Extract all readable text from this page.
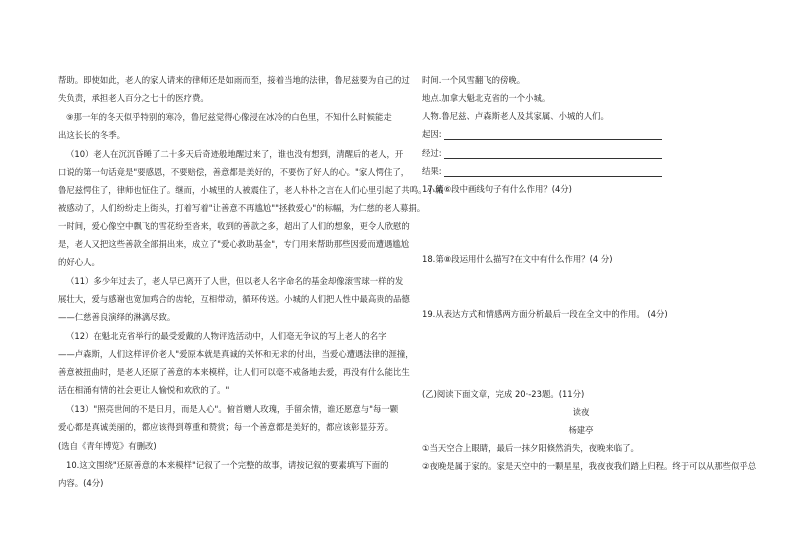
帮助。即使如此，老人的家人请来的律师还是如雨而至，接着当地的法律，鲁尼兹要为自己的过
失负责，承担老人百分之七十的医疗费。
⑨那一年的冬天似乎特别的寒冷，鲁尼兹觉得心像浸在冰冷的白色里，不知什么时候能走
出这长长的冬季。
（10）老人在沉沉昏睡了二十多天后奇迹般地醒过来了，谁也没有想到，清醒后的老人，开
口说的第一句话竟是"要感恩，不要赔偿，善意都是美好的，不要伤了好人的心。"家人愕住了，
鲁尼兹愕住了，律师也怔住了。继而，小城里的人被震住了，老人朴朴之言在人们心里引起了共鸣。小城
被感动了，人们纷纷走上街头，打着写着"让善意不再尴尬""拯救爱心"的标幅，为仁慈的老人募捐。
一时间，爱心像空中飘飞的雪花纷至沓来，收到的善款之多，超出了人们的想象，更令人欣慰的
是，老人又把这些善款全部捐出来，成立了"爱心救助基金"，专门用来帮助那些因爱而遭遇尴尬
的好心人。
（11）多少年过去了，老人早已离开了人世，但以老人名字命名的基金却像滚雪球一样的发
展壮大，爱与感谢也宽加鸡合的齿轮，互相带动，循环传送。小城的人们把人性中最高贵的品德
——仁慈善良演绎的淋漓尽致。
（12）在魁北克省举行的最受爱戴的人物评选活动中，人们毫无争议的写上老人的名字
——卢森斯，人们这样评价老人"爱原本就是真诚的关怀和无求的付出，当爱心遭遇法律的涯撞，
善意被扭曲时，是老人还原了善意的本来模样，让人们可以毫不戒备地去爱，再没有什么能比生
活在相涌有情的社会更让人愉悦和欢欣的了。"
（13）"照亮世间的不是日月，而是人心"。俯首赠人玫瑰，手留余情，谁还愿意与"每一颗
爱心都是真诚美丽的，都应该得到尊重和赞赏；每一个善意都是美好的，都应该彰显芬芳。
(选自《青年博览》有删改)
10.这文围绕"还原善意的本来模样"记叙了一个完整的故事，请按记叙的要素填写下面的
内容。(4分)
时间.一个风雪翻飞的傍晚。
地点.加拿大魁北克省的一个小城。
人物.鲁尼兹、卢森斯老人及其家属、小城的人们。
起因:
经过:
结果:
17.第⑥段中画线句子有什么作用？(4分)
18.第⑧段运用什么描写?在文中有什么作用？(4 分)
19.从表达方式和情感两方面分析最后一段在全文中的作用。 (4分)
(乙)阅读下面文章，完成 20·-23题。(11分)
读夜
杨建亭
①当天空合上眼睛，最后一抹夕阳倏然消失，夜晚来临了。
②夜晚是属于家的。家是天空中的一颗星星，我夜夜我们踏上归程。终于可以从那些似乎总
